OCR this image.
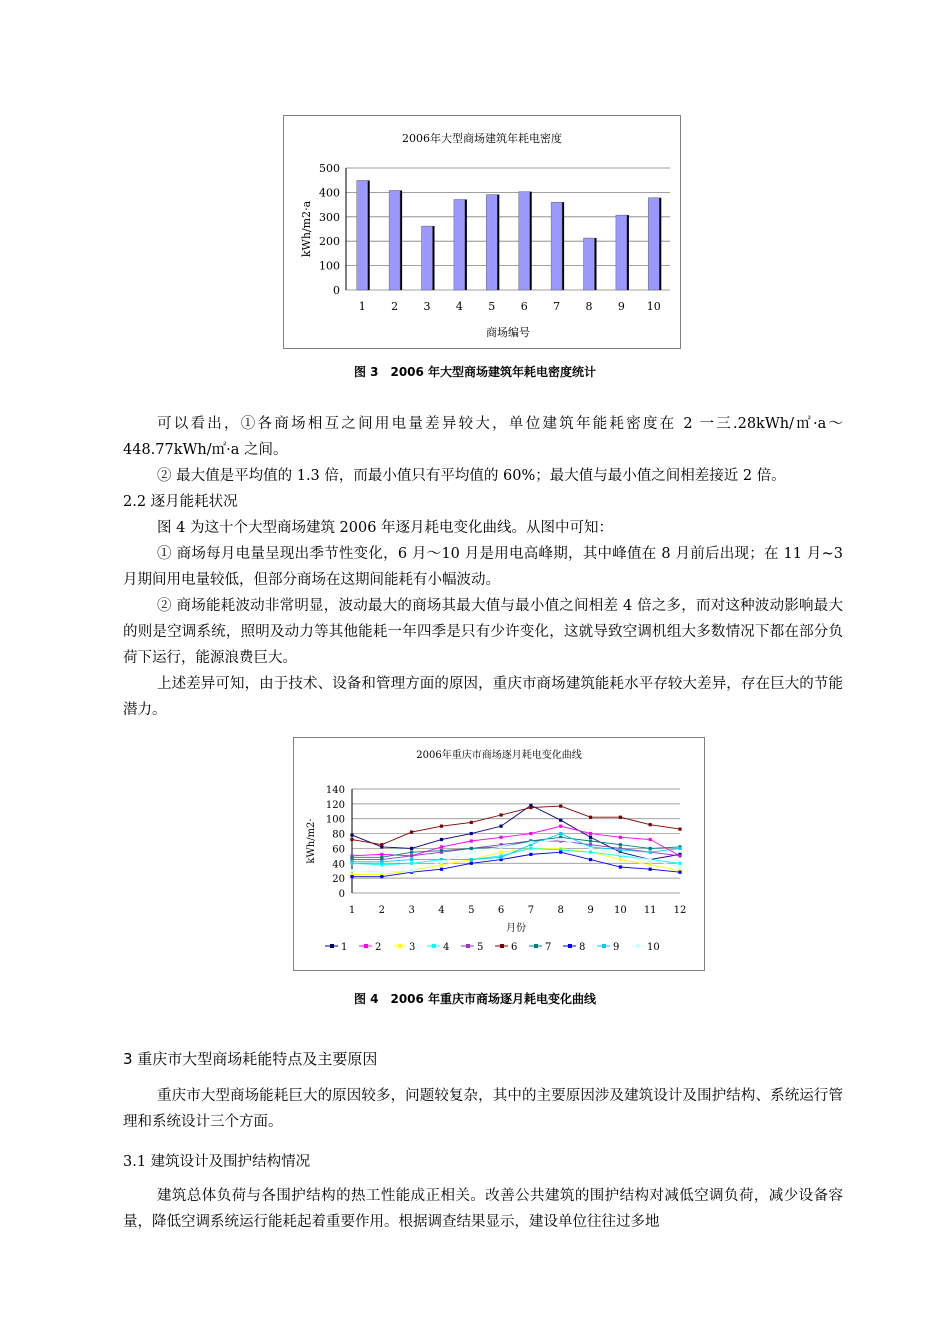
2006年大型商场建筑年耗电密度
0
100
200
300
400
500
1 2 3 4 5 6 7 8 9 10
商场编号
kWh/m2·a
图 3　2006 年大型商场建筑年耗电密度统计

可以看出，①各商场相互之间用电量差异较大，单位建筑年能耗密度在 2 一三.28kWh/㎡·a～448.77kWh/㎡·a 之间。

② 最大值是平均值的 1.3 倍，而最小值只有平均值的 60%；最大值与最小值之间相差接近 2 倍。

2.2 逐月能耗状况

图 4 为这十个大型商场建筑 2006 年逐月耗电变化曲线。从图中可知：

① 商场每月电量呈现出季节性变化，6 月～10 月是用电高峰期，其中峰值在 8 月前后出现；在 11 月~3 月期间用电量较低，但部分商场在这期间能耗有小幅波动。

② 商场能耗波动非常明显，波动最大的商场其最大值与最小值之间相差 4 倍之多，而对这种波动影响最大的则是空调系统，照明及动力等其他能耗一年四季是只有少许变化，这就导致空调机组大多数情况下都在部分负荷下运行，能源浪费巨大。

上述差异可知，由于技术、设备和管理方面的原因，重庆市商场建筑能耗水平存较大差异，存在巨大的节能潜力。

2006年重庆市商场逐月耗电变化曲线
0
20
40
60
80
100
120
140
1 2 3 4 5 6 7 8 9 10 11 12
月份
kWh/m2·
1	2	3	4	5	6	7	8	9	10
图 4　2006 年重庆市商场逐月耗电变化曲线
3 重庆市大型商场耗能特点及主要原因

重庆市大型商场能耗巨大的原因较多，问题较复杂，其中的主要原因涉及建筑设计及围护结构、系统运行管理和系统设计三个方面。

3.1 建筑设计及围护结构情况

建筑总体负荷与各围护结构的热工性能成正相关。改善公共建筑的围护结构对减低空调负荷，减少设备容量，降低空调系统运行能耗起着重要作用。根据调查结果显示，建设单位往往过多地
